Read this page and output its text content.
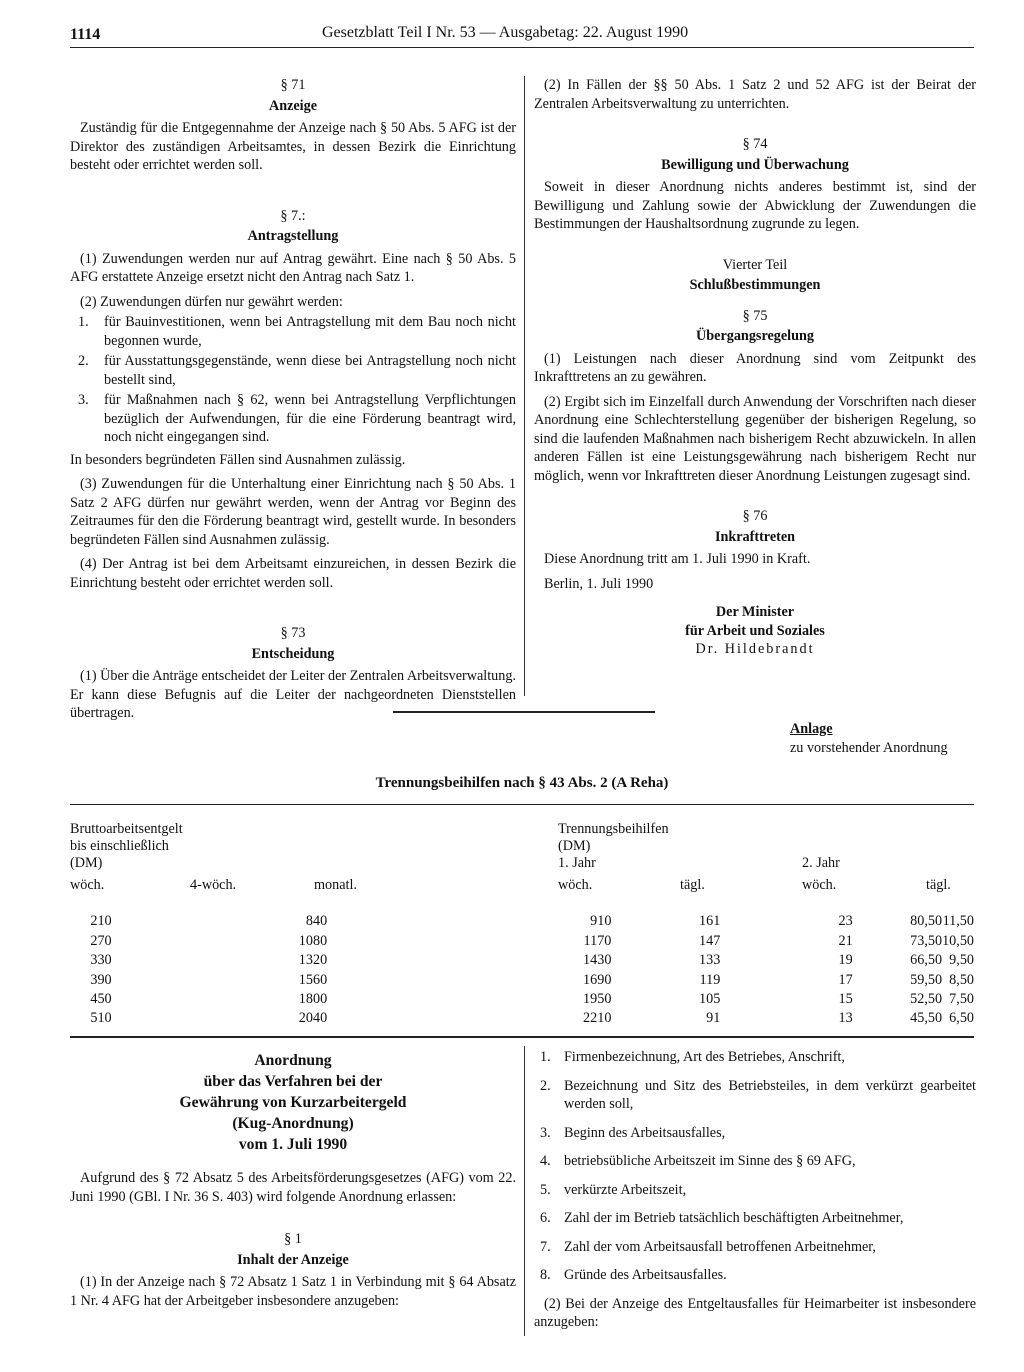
1114	Gesetzblatt Teil I Nr. 53 — Ausgabetag: 22. August 1990
§ 71
Anzeige

Zuständig für die Entgegennahme der Anzeige nach § 50 Abs. 5 AFG ist der Direktor des zuständigen Arbeitsamtes, in dessen Bezirk die Einrichtung besteht oder errichtet werden soll.

§ 7.:
Antragstellung

(1) Zuwendungen werden nur auf Antrag gewährt. Eine nach § 50 Abs. 5 AFG erstattete Anzeige ersetzt nicht den Antrag nach Satz 1.

(2) Zuwendungen dürfen nur gewährt werden:

1. für Bauinvestitionen, wenn bei Antragstellung mit dem Bau noch nicht begonnen wurde,
2. für Ausstattungsgegenstände, wenn diese bei Antragstellung noch nicht bestellt sind,
3. für Maßnahmen nach § 62, wenn bei Antragstellung Verpflichtungen bezüglich der Aufwendungen, für die eine Förderung beantragt wird, noch nicht eingegangen sind.

In besonders begründeten Fällen sind Ausnahmen zulässig.

(3) Zuwendungen für die Unterhaltung einer Einrichtung nach § 50 Abs. 1 Satz 2 AFG dürfen nur gewährt werden, wenn der Antrag vor Beginn des Zeitraumes für den die Förderung beantragt wird, gestellt wurde. In besonders begründeten Fällen sind Ausnahmen zulässig.

(4) Der Antrag ist bei dem Arbeitsamt einzureichen, in dessen Bezirk die Einrichtung besteht oder errichtet werden soll.

§ 73
Entscheidung

(1) Über die Anträge entscheidet der Leiter der Zentralen Arbeitsverwaltung. Er kann diese Befugnis auf die Leiter der nachgeordneten Dienststellen übertragen.

(2) In Fällen der §§ 50 Abs. 1 Satz 2 und 52 AFG ist der Beirat der Zentralen Arbeitsverwaltung zu unterrichten.

§ 74
Bewilligung und Überwachung

Soweit in dieser Anordnung nichts anderes bestimmt ist, sind der Bewilligung und Zahlung sowie der Abwicklung der Zuwendungen die Bestimmungen der Haushaltsordnung zugrunde zu legen.

Vierter Teil
Schlußbestimmungen
§ 75
Übergangsregelung

(1) Leistungen nach dieser Anordnung sind vom Zeitpunkt des Inkrafttretens an zu gewähren.

(2) Ergibt sich im Einzelfall durch Anwendung der Vorschriften nach dieser Anordnung eine Schlechterstellung gegenüber der bisherigen Regelung, so sind die laufenden Maßnahmen nach bisherigem Recht abzuwickeln. In allen anderen Fällen ist eine Leistungsgewährung nach bisherigem Recht nur möglich, wenn vor Inkrafttreten dieser Anordnung Leistungen zugesagt sind.

§ 76
Inkrafttreten

Diese Anordnung tritt am 1. Juli 1990 in Kraft.

Berlin, 1. Juli 1990

Der Minister
für Arbeit und Soziales
Dr. Hildebrandt
Anlage
zu vorstehender Anordnung
Trennungsbeihilfen nach § 43 Abs. 2 (A Reha)
Bruttoarbeitsentgelt
bis einschließlich
(DM)
Trennungsbeihilfen
(DM)
1. Jahr	2. Jahr
wöch.	4-wöch.	monatl.	wöch.	tägl.	wöch.	tägl.
	210	840	910	161	23	80,50	11,50
	270	1080	1170	147	21	73,50	10,50
	330	1320	1430	133	19	66,50	9,50
	390	1560	1690	119	17	59,50	8,50
	450	1800	1950	105	15	52,50	7,50
	510	2040	2210	91	13	45,50	6,50
Anordnung
über das Verfahren bei der
Gewährung von Kurzarbeitergeld
(Kug-Anordnung)
vom 1. Juli 1990

Aufgrund des § 72 Absatz 5 des Arbeitsförderungsgesetzes (AFG) vom 22. Juni 1990 (GBl. I Nr. 36 S. 403) wird folgende Anordnung erlassen:

§ 1
Inhalt der Anzeige

(1) In der Anzeige nach § 72 Absatz 1 Satz 1 in Verbindung mit § 64 Absatz 1 Nr. 4 AFG hat der Arbeitgeber insbesondere anzugeben:

1. Firmenbezeichnung, Art des Betriebes, Anschrift,
2. Bezeichnung und Sitz des Betriebsteiles, in dem verkürzt gearbeitet werden soll,
3. Beginn des Arbeitsausfalles,
4. betriebsübliche Arbeitszeit im Sinne des § 69 AFG,
5. verkürzte Arbeitszeit,
6. Zahl der im Betrieb tatsächlich beschäftigten Arbeitnehmer,
7. Zahl der vom Arbeitsausfall betroffenen Arbeitnehmer,
8. Gründe des Arbeitsausfalles.

(2) Bei der Anzeige des Entgeltausfalles für Heimarbeiter ist insbesondere anzugeben:
